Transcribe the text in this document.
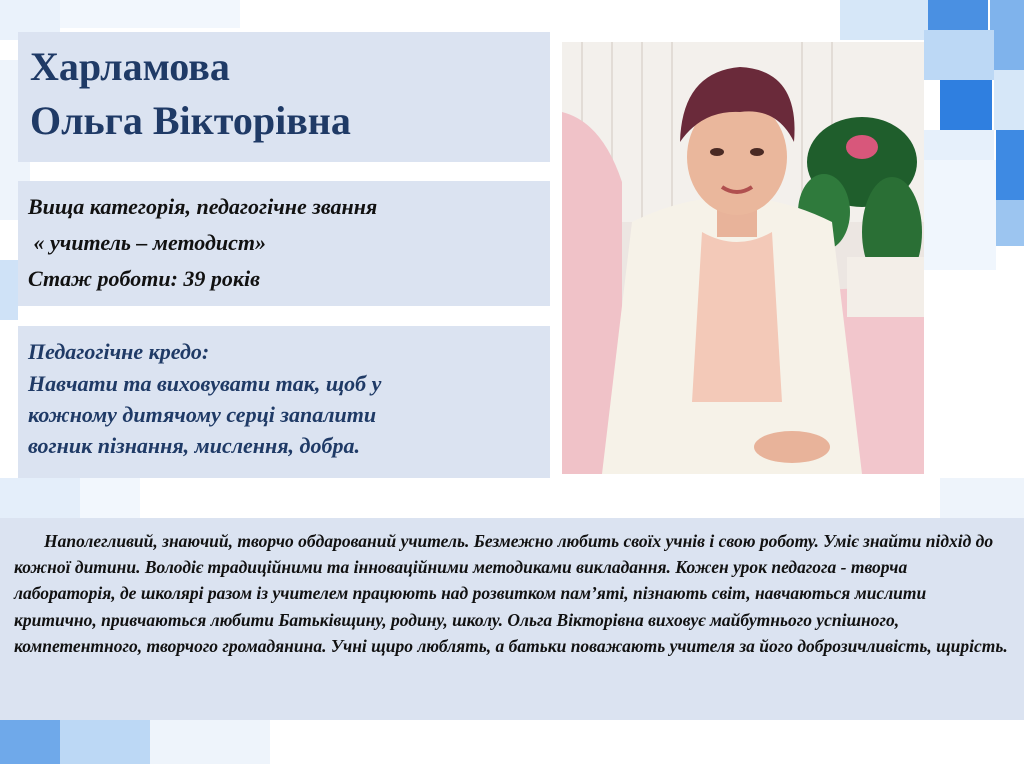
Харламова
Ольга Вікторівна
Вища категорія, педагогічне звання
« учитель – методист»
Стаж роботи: 39 років
Педагогічне кредо:
Навчати та виховувати так, щоб у
кожному дитячому серці запалити
вогник пізнання, мислення, добра.

Наполегливий, знаючий, творчо обдарований учитель. Безмежно любить своїх учнів і свою роботу. Уміє знайти підхід до кожної дитини. Володіє традиційними та інноваційними методиками викладання. Кожен урок педагога - творча лабораторія, де школярі разом із учителем працюють над розвитком пам’яті, пізнають світ, навчаються мислити критично, привчаються любити Батьківщину, родину, школу. Ольга Вікторівна виховує майбутнього успішного, компетентного, творчого громадянина. Учні щиро люблять, а батьки поважають учителя за його доброзичливість, щирість.
